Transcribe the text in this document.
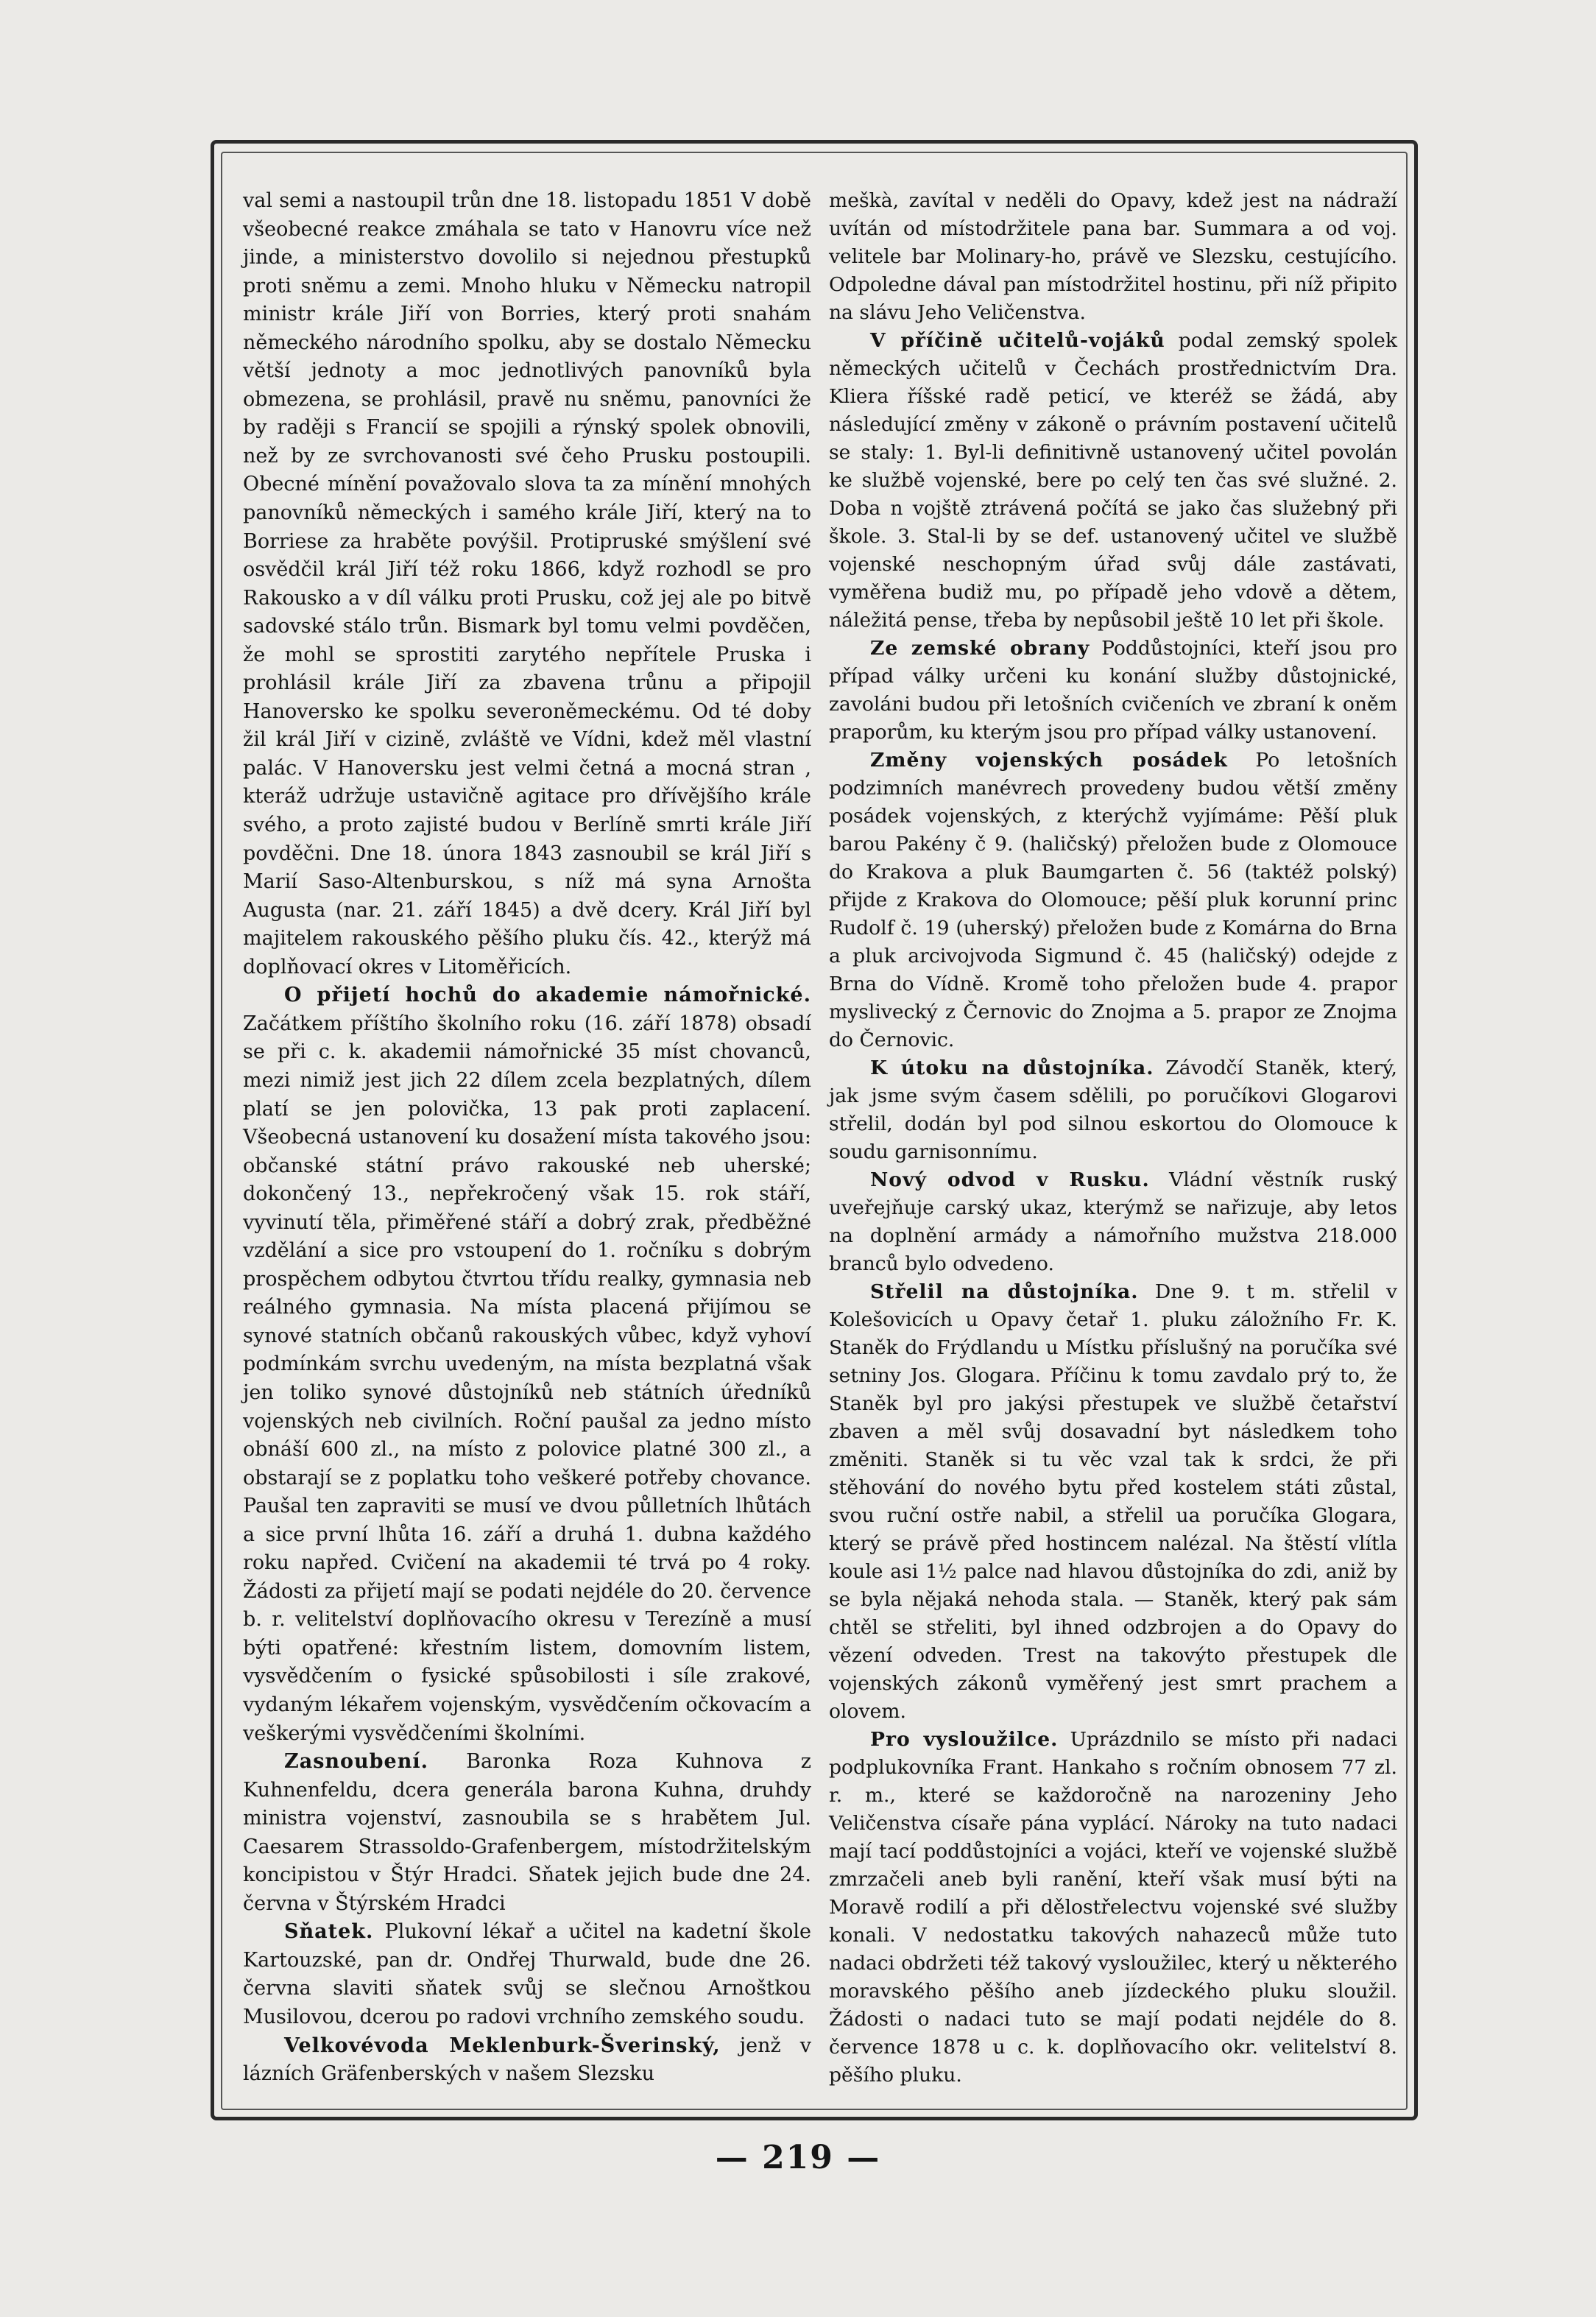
val semi a nastoupil trůn dne 18. listopadu 1851 V době všeobecné reakce zmáhala se tato v Hanovru více než jinde, a ministerstvo dovolilo si nejednou přestupků proti sněmu a zemi. Mnoho hluku v Německu natropil ministr krále Jiří von Borries, který proti snahám německého národního spolku, aby se dostalo Německu větší jednoty a moc jednotlivých panovníků byla obmezena, se prohlásil, pravě nu sněmu, panovníci že by raději s Francií se spojili a rýnský spolek obnovili, než by ze svrchovanosti své čeho Prusku postoupili. Obecné mínění považovalo slova ta za mínění mnohých panovníků německých i samého krále Jiří, který na to Borriese za hraběte povýšil. Protipruské smýšlení své osvědčil král Jiří též roku 1866, když rozhodl se pro Rakousko a v díl válku proti Prusku, což jej ale po bitvě sadovské stálo trůn. Bismark byl tomu velmi povděčen, že mohl se sprostiti zarytého nepřítele Pruska i prohlásil krále Jiří za zbavena trůnu a připojil Hanoversko ke spolku severoněmeckému. Od té doby žil král Jiří v cizině, zvláště ve Vídni, kdež měl vlastní palác. V Hanoversku jest velmi četná a mocná stran , kteráž udržuje ustavičně agitace pro dřívějšího krále svého, a proto zajisté budou v Berlíně smrti krále Jiří povděčni. Dne 18. února 1843 zasnoubil se král Jiří s Marií Saso-Altenburskou, s níž má syna Arnošta Augusta (nar. 21. září 1845) a dvě dcery. Král Jiří byl majitelem rakouského pěšího pluku čís. 42., kterýž má doplňovací okres v Litoměřicích.

O přijetí hochů do akademie námořnické. Začátkem příštího školního roku (16. září 1878) obsadí se při c. k. akademii námořnické 35 míst chovanců, mezi nimiž jest jich 22 dílem zcela bezplatných, dílem platí se jen polovička, 13 pak proti zaplacení. Všeobecná ustanovení ku dosažení místa takového jsou: občanské státní právo rakouské neb uherské; dokončený 13., nepřekročený však 15. rok stáří, vyvinutí těla, přiměřené stáří a dobrý zrak, předběžné vzdělání a sice pro vstoupení do 1. ročníku s dobrým prospěchem odbytou čtvrtou třídu realky, gymnasia neb reálného gymnasia. Na místa placená přijímou se synové statních občanů rakouských vůbec, když vyhoví podmínkám svrchu uvedeným, na místa bezplatná však jen toliko synové důstojníků neb státních úředníků vojenských neb civilních. Roční paušal za jedno místo obnáší 600 zl., na místo z polovice platné 300 zl., a obstarají se z poplatku toho veškeré potřeby chovance. Paušal ten zapraviti se musí ve dvou půlletních lhůtách a sice první lhůta 16. září a druhá 1. dubna každého roku napřed. Cvičení na akademii té trvá po 4 roky. Žádosti za přijetí mají se podati nejdéle do 20. července b. r. velitelství doplňovacího okresu v Terezíně a musí býti opatřené: křestním listem, domovním listem, vysvědčením o fysické spůsobilosti i síle zrakové, vydaným lékařem vojenským, vysvědčením očkovacím a veškerými vysvědčeními školními.

Zasnoubení. Baronka Roza Kuhnova z Kuhnenfeldu, dcera generála barona Kuhna, druhdy ministra vojenství, zasnoubila se s hrabětem Jul. Caesarem Strassoldo-Grafenbergem, místodržitelským koncipistou v Štýr Hradci. Sňatek jejich bude dne 24. června v Štýrském Hradci

Sňatek. Plukovní lékař a učitel na kadetní škole Kartouzské, pan dr. Ondřej Thurwald, bude dne 26. června slaviti sňatek svůj se slečnou Arnoštkou Musilovou, dcerou po radovi vrchního zemského soudu.

Velkovévoda Meklenburk-Šverinský, jenž v lázních Gräfenberských v našem Slezsku

meškà, zavítal v neděli do Opavy, kdež jest na nádraží uvítán od místodržitele pana bar. Summara a od voj. velitele bar Molinary-ho, právě ve Slezsku, cestujícího. Odpoledne dával pan místodržitel hostinu, při níž připito na slávu Jeho Veličenstva.

V příčině učitelů-vojáků podal zemský spolek německých učitelů v Čechách prostřednictvím Dra. Kliera říšské radě peticí, ve kteréž se žádá, aby následující změny v zákoně o právním postavení učitelů se staly: 1. Byl-li definitivně ustanovený učitel povolán ke službě vojenské, bere po celý ten čas své služné. 2. Doba n vojště ztrávená počítá se jako čas služebný při škole. 3. Stal-li by se def. ustanovený učitel ve službě vojenské neschopným úřad svůj dále zastávati, vyměřena budiž mu, po případě jeho vdově a dětem, náležitá pense, třeba by nepůsobil ještě 10 let při škole.

Ze zemské obrany Poddůstojníci, kteří jsou pro případ války určeni ku konání služby důstojnické, zavoláni budou při letošních cvičeních ve zbraní k oněm praporům, ku kterým jsou pro případ války ustanovení.

Změny vojenských posádek Po letošních podzimních manévrech provedeny budou větší změny posádek vojenských, z kterýchž vyjímáme: Pěší pluk barou Pakény č 9. (haličský) přeložen bude z Olomouce do Krakova a pluk Baumgarten č. 56 (taktéž polský) přijde z Krakova do Olomouce; pěší pluk korunní princ Rudolf č. 19 (uherský) přeložen bude z Komárna do Brna a pluk arcivojvoda Sigmund č. 45 (haličský) odejde z Brna do Vídně. Kromě toho přeložen bude 4. prapor myslivecký z Černovic do Znojma a 5. prapor ze Znojma do Černovic.

K útoku na důstojníka. Závodčí Staněk, který, jak jsme svým časem sdělili, po poručíkovi Glogarovi střelil, dodán byl pod silnou eskortou do Olomouce k soudu garnisonnímu.

Nový odvod v Rusku. Vládní věstník ruský uveřejňuje carský ukaz, kterýmž se nařizuje, aby letos na doplnění armády a námořního mužstva 218.000 branců bylo odvedeno.

Střelil na důstojníka. Dne 9. t m. střelil v Kolešovicích u Opavy četař 1. pluku záložního Fr. K. Staněk do Frýdlandu u Místku příslušný na poručíka své setniny Jos. Glogara. Příčinu k tomu zavdalo prý to, že Staněk byl pro jakýsi přestupek ve službě četařství zbaven a měl svůj dosavadní byt následkem toho změniti. Staněk si tu věc vzal tak k srdci, že při stěhování do nového bytu před kostelem státi zůstal, svou ruční ostře nabil, a střelil ua poručíka Glogara, který se právě před hostincem nalézal. Na štěstí vlítla koule asi 1½ palce nad hlavou důstojníka do zdi, aniž by se byla nějaká nehoda stala. — Staněk, který pak sám chtěl se střeliti, byl ihned odzbrojen a do Opavy do vězení odveden. Trest na takovýto přestupek dle vojenských zákonů vyměřený jest smrt prachem a olovem.

Pro vysloužilce. Uprázdnilo se místo při nadaci podplukovníka Frant. Hankaho s ročním obnosem 77 zl. r. m., které se každoročně na narozeniny Jeho Veličenstva císaře pána vyplácí. Nároky na tuto nadaci mají tací poddůstojníci a vojáci, kteří ve vojenské službě zmrzačeli aneb byli ranění, kteří však musí býti na Moravě rodilí a při dělostřelectvu vojenské své služby konali. V nedostatku takových nahazeců může tuto nadaci obdržeti též takový vysloužilec, který u některého moravského pěšího aneb jízdeckého pluku sloužil. Žádosti o nadaci tuto se mají podati nejdéle do 8. července 1878 u c. k. doplňovacího okr. velitelství 8. pěšího pluku.

— 219 —
